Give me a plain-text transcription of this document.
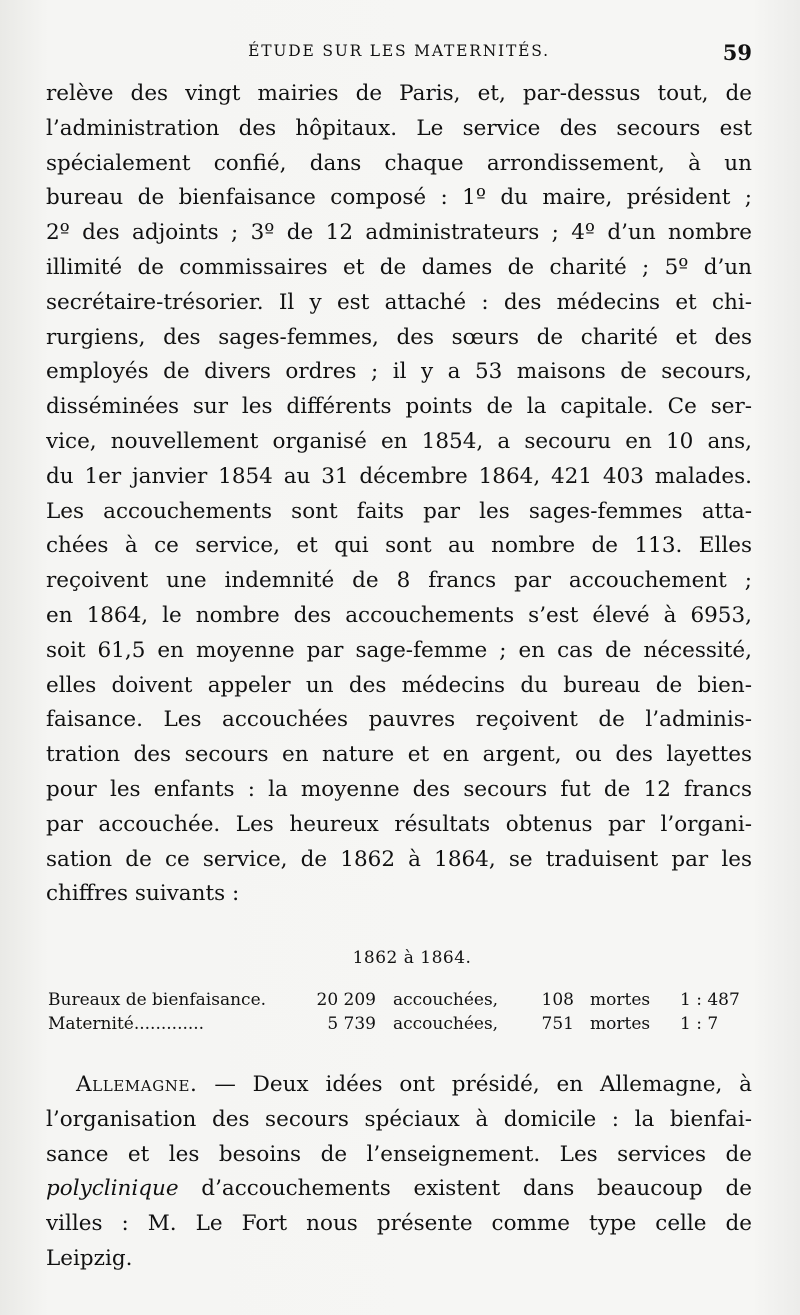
ÉTUDE SUR LES MATERNITÉS.	59
relève des vingt mairies de Paris, et, par-dessus tout, de
l’administration des hôpitaux. Le service des secours est
spécialement confié, dans chaque arrondissement, à un
bureau de bienfaisance composé : 1º du maire, président ;
2º des adjoints ; 3º de 12 administrateurs ; 4º d’un nombre
illimité de commissaires et de dames de charité ; 5º d’un
secrétaire-trésorier. Il y est attaché : des médecins et chi-
rurgiens, des sages-femmes, des sœurs de charité et des
employés de divers ordres ; il y a 53 maisons de secours,
disséminées sur les différents points de la capitale. Ce ser-
vice, nouvellement organisé en 1854, a secouru en 10 ans,
du 1er janvier 1854 au 31 décembre 1864, 421 403 malades.
Les accouchements sont faits par les sages-femmes atta-
chées à ce service, et qui sont au nombre de 113. Elles
reçoivent une indemnité de 8 francs par accouchement ;
en 1864, le nombre des accouchements s’est élevé à 6953,
soit 61,5 en moyenne par sage-femme ; en cas de nécessité,
elles doivent appeler un des médecins du bureau de bien-
faisance. Les accouchées pauvres reçoivent de l’adminis-
tration des secours en nature et en argent, ou des layettes
pour les enfants : la moyenne des secours fut de 12 francs
par accouchée. Les heureux résultats obtenus par l’organi-
sation de ce service, de 1862 à 1864, se traduisent par les
chiffres suivants :
1862 à 1864.
Bureaux de bienfaisance.	20 209 accouchées,	108 mortes 1 : 487
Maternité.............	5 739 accouchées,	751 mortes 1 : 7
Allemagne. — Deux idées ont présidé, en Allemagne, à
l’organisation des secours spéciaux à domicile : la bienfai-
sance et les besoins de l’enseignement. Les services de
polyclinique d’accouchements existent dans beaucoup de
villes : M. Le Fort nous présente comme type celle de
Leipzig.
